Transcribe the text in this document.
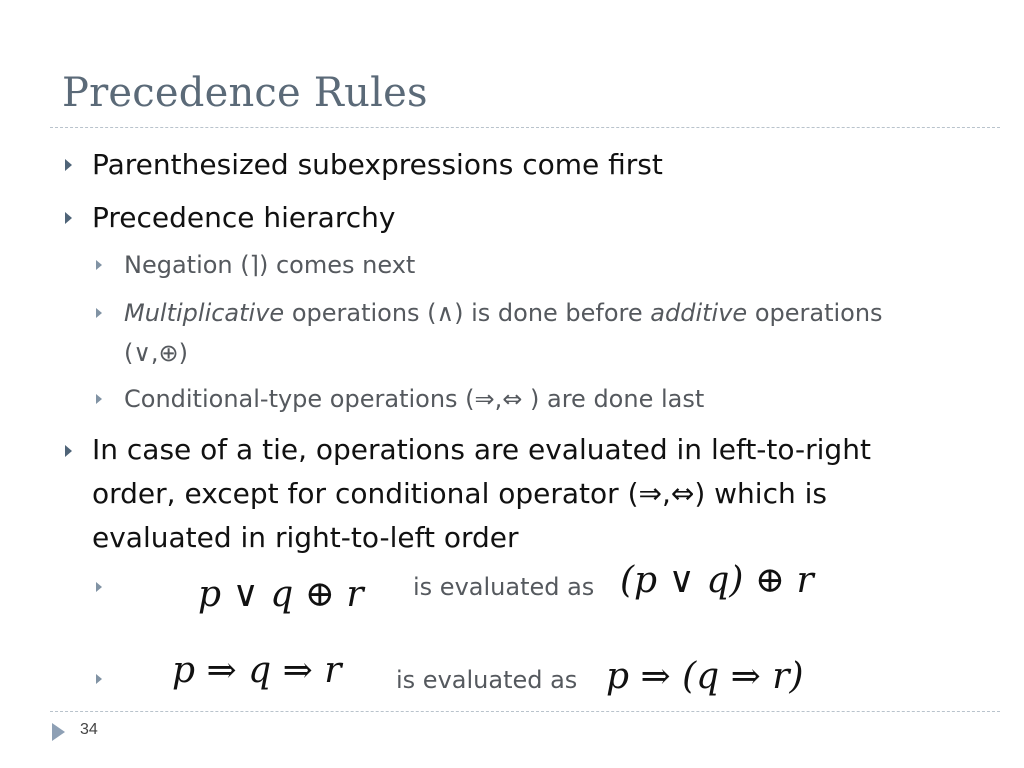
Precedence Rules
Parenthesized subexpressions come first
Precedence hierarchy
Negation (⌉) comes next
Multiplicative operations (∧) is done before additive operations
(∨,⊕)
Conditional-type operations (⇒,⇔ ) are done last
In case of a tie, operations are evaluated in left-to-right
order, except for conditional operator (⇒,⇔) which is
evaluated in right-to-left order
p ∨ q ⊕ r is evaluated as (p ∨ q) ⊕ r
p ⇒ q ⇒ r is evaluated as p ⇒ (q ⇒ r)
34
